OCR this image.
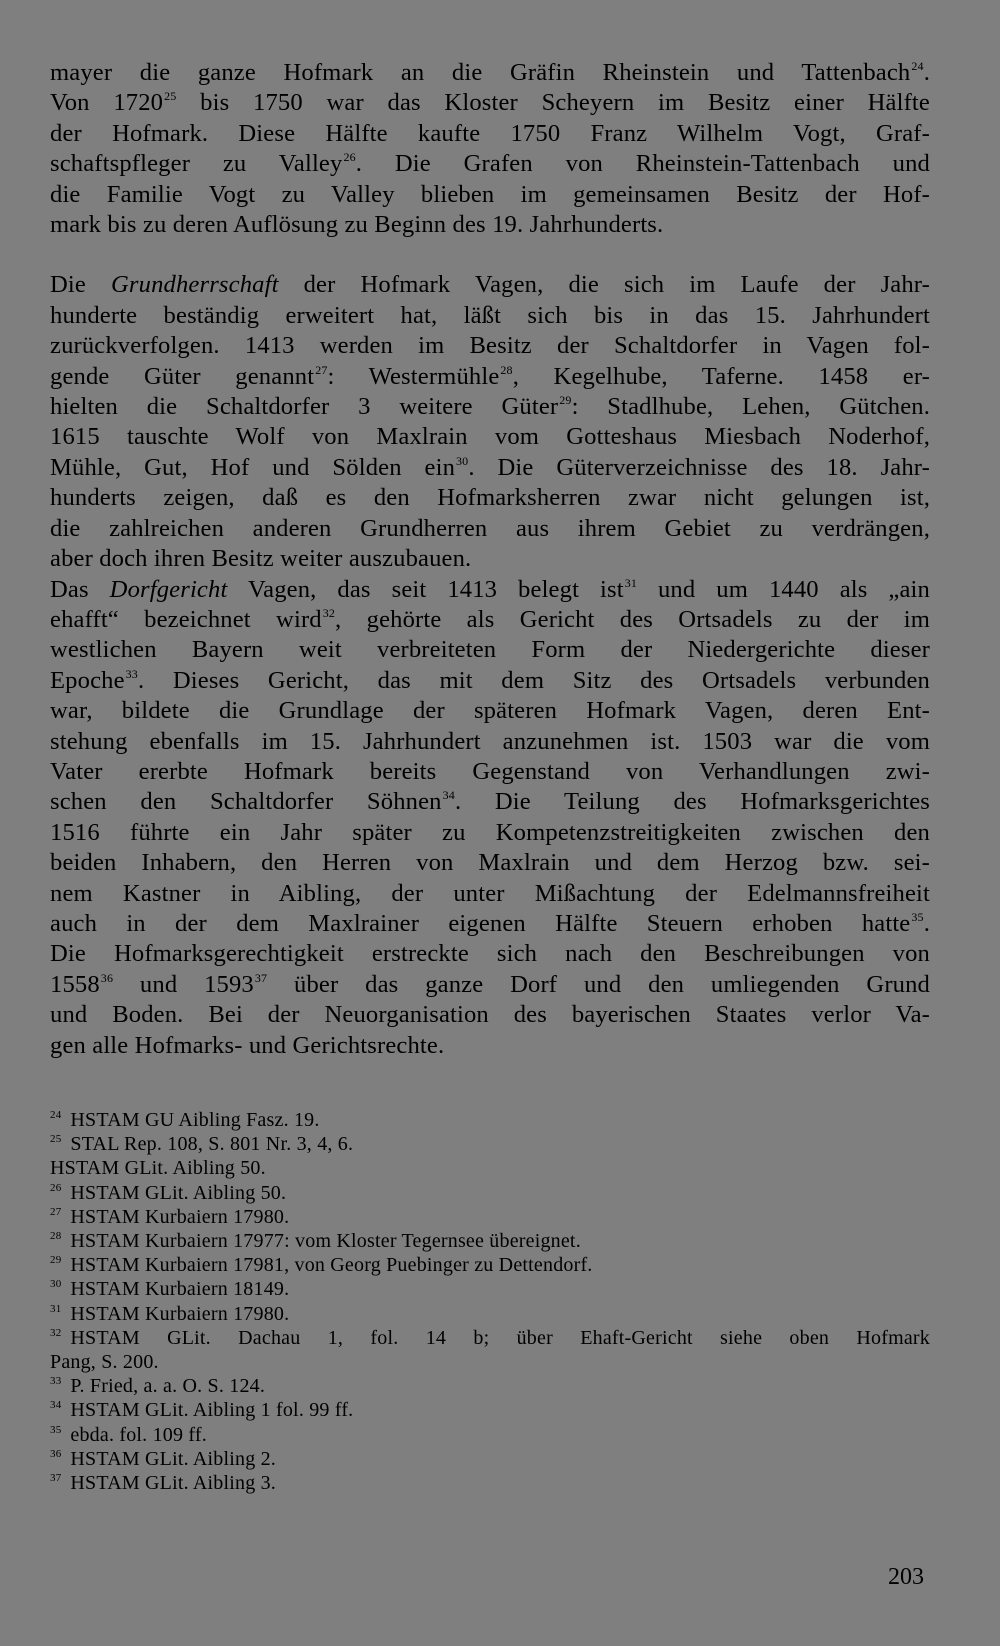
mayer die ganze Hofmark an die Gräfin Rheinstein und Tattenbach$^{24}$.
Von 1720$^{25}$ bis 1750 war das Kloster Scheyern im Besitz einer Hälfte
der Hofmark. Diese Hälfte kaufte 1750 Franz Wilhelm Vogt, Graf-
schaftspfleger zu Valley$^{26}$. Die Grafen von Rheinstein-Tattenbach und
die Familie Vogt zu Valley blieben im gemeinsamen Besitz der Hof-
mark bis zu deren Auflösung zu Beginn des 19. Jahrhunderts.
Die Grundherrschaft der Hofmark Vagen, die sich im Laufe der Jahr-
hunderte beständig erweitert hat, läßt sich bis in das 15. Jahrhundert
zurückverfolgen. 1413 werden im Besitz der Schaltdorfer in Vagen fol-
gende Güter genannt$^{27}$: Westermühle$^{28}$, Kegelhube, Taferne. 1458 er-
hielten die Schaltdorfer 3 weitere Güter$^{29}$: Stadlhube, Lehen, Gütchen.
1615 tauschte Wolf von Maxlrain vom Gotteshaus Miesbach Noderhof,
Mühle, Gut, Hof und Sölden ein$^{30}$. Die Güterverzeichnisse des 18. Jahr-
hunderts zeigen, daß es den Hofmarksherren zwar nicht gelungen ist,
die zahlreichen anderen Grundherren aus ihrem Gebiet zu verdrängen,
aber doch ihren Besitz weiter auszubauen.
Das Dorfgericht Vagen, das seit 1413 belegt ist$^{31}$ und um 1440 als „ain
ehafft“ bezeichnet wird$^{32}$, gehörte als Gericht des Ortsadels zu der im
westlichen Bayern weit verbreiteten Form der Niedergerichte dieser
Epoche$^{33}$. Dieses Gericht, das mit dem Sitz des Ortsadels verbunden
war, bildete die Grundlage der späteren Hofmark Vagen, deren Ent-
stehung ebenfalls im 15. Jahrhundert anzunehmen ist. 1503 war die vom
Vater ererbte Hofmark bereits Gegenstand von Verhandlungen zwi-
schen den Schaltdorfer Söhnen$^{34}$. Die Teilung des Hofmarksgerichtes
1516 führte ein Jahr später zu Kompetenzstreitigkeiten zwischen den
beiden Inhabern, den Herren von Maxlrain und dem Herzog bzw. sei-
nem Kastner in Aibling, der unter Mißachtung der Edelmannsfreiheit
auch in der dem Maxlrainer eigenen Hälfte Steuern erhoben hatte$^{35}$.
Die Hofmarksgerechtigkeit erstreckte sich nach den Beschreibungen von
1558$^{36}$ und 1593$^{37}$ über das ganze Dorf und den umliegenden Grund
und Boden. Bei der Neuorganisation des bayerischen Staates verlor Va-
gen alle Hofmarks- und Gerichtsrechte.
$^{24}$ HSTAM GU Aibling Fasz. 19.
$^{25}$ STAL Rep. 108, S. 801 Nr. 3, 4, 6.
HSTAM GLit. Aibling 50.
$^{26}$ HSTAM GLit. Aibling 50.
$^{27}$ HSTAM Kurbaiern 17980.
$^{28}$ HSTAM Kurbaiern 17977: vom Kloster Tegernsee übereignet.
$^{29}$ HSTAM Kurbaiern 17981, von Georg Puebinger zu Dettendorf.
$^{30}$ HSTAM Kurbaiern 18149.
$^{31}$ HSTAM Kurbaiern 17980.
$^{32}$ HSTAM GLit. Dachau 1, fol. 14 b; über Ehaft-Gericht siehe oben Hofmark
Pang, S. 200.
$^{33}$ P. Fried, a. a. O. S. 124.
$^{34}$ HSTAM GLit. Aibling 1 fol. 99 ff.
$^{35}$ ebda. fol. 109 ff.
$^{36}$ HSTAM GLit. Aibling 2.
$^{37}$ HSTAM GLit. Aibling 3.
203
